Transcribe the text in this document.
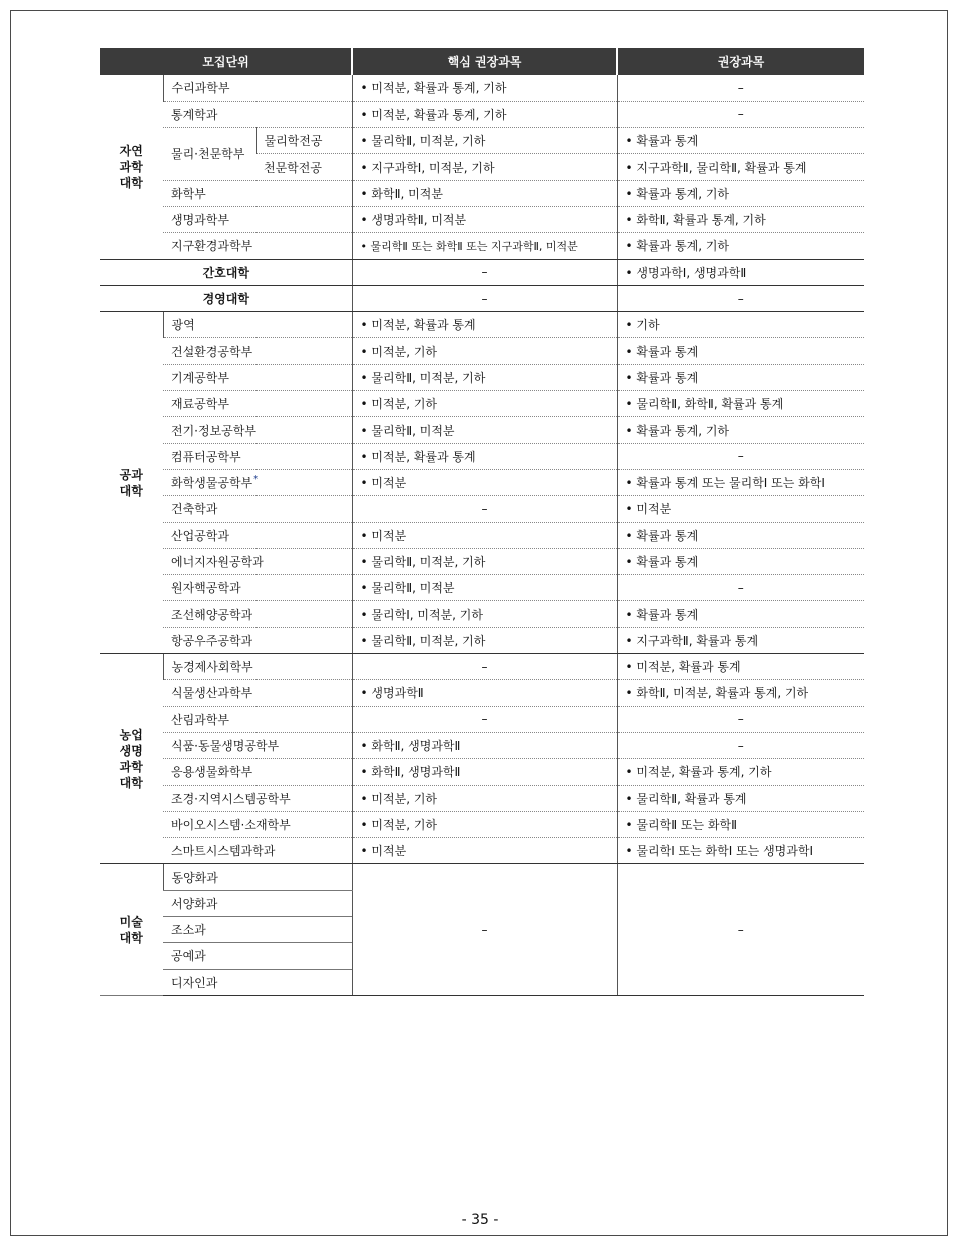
모집단위			핵심 권장과목	권장과목
자연
과학
대학	수리과학부		• 미적분, 확률과 통계, 기하	–
	통계학과		• 미적분, 확률과 통계, 기하	–
	물리·천문학부	물리학전공	• 물리학Ⅱ, 미적분, 기하	• 확률과 통계
		천문학전공	• 지구과학Ⅰ, 미적분, 기하	• 지구과학Ⅱ, 물리학Ⅱ, 확률과 통계
	화학부		• 화학Ⅱ, 미적분	• 확률과 통계, 기하
	생명과학부		• 생명과학Ⅱ, 미적분	• 화학Ⅱ, 확률과 통계, 기하
	지구환경과학부		• 물리학Ⅱ 또는 화학Ⅱ 또는 지구과학Ⅱ, 미적분	• 확률과 통계, 기하
간호대학			–	• 생명과학Ⅰ, 생명과학Ⅱ
경영대학			–	–
공과
대학	광역		• 미적분, 확률과 통계	• 기하
	건설환경공학부		• 미적분, 기하	• 확률과 통계
	기계공학부		• 물리학Ⅱ, 미적분, 기하	• 확률과 통계
	재료공학부		• 미적분, 기하	• 물리학Ⅱ, 화학Ⅱ, 확률과 통계
	전기·정보공학부		• 물리학Ⅱ, 미적분	• 확률과 통계, 기하
	컴퓨터공학부		• 미적분, 확률과 통계	–
	화학생물공학부*		• 미적분	• 확률과 통계 또는 물리학Ⅰ 또는 화학Ⅰ
	건축학과		–	• 미적분
	산업공학과		• 미적분	• 확률과 통계
	에너지자원공학과		• 물리학Ⅱ, 미적분, 기하	• 확률과 통계
	원자핵공학과		• 물리학Ⅱ, 미적분	–
	조선해양공학과		• 물리학Ⅰ, 미적분, 기하	• 확률과 통계
	항공우주공학과		• 물리학Ⅱ, 미적분, 기하	• 지구과학Ⅱ, 확률과 통계
농업
생명
과학
대학	농경제사회학부		–	• 미적분, 확률과 통계
	식물생산과학부		• 생명과학Ⅱ	• 화학Ⅱ, 미적분, 확률과 통계, 기하
	산림과학부		–	–
	식품·동물생명공학부		• 화학Ⅱ, 생명과학Ⅱ	–
	응용생물화학부		• 화학Ⅱ, 생명과학Ⅱ	• 미적분, 확률과 통계, 기하
	조경·지역시스템공학부		• 미적분, 기하	• 물리학Ⅱ, 확률과 통계
	바이오시스템·소재학부		• 미적분, 기하	• 물리학Ⅱ 또는 화학Ⅱ
	스마트시스템과학과		• 미적분	• 물리학Ⅰ 또는 화학Ⅰ 또는 생명과학Ⅰ
미술
대학	동양화과		–	–
	서양화과			
	조소과			
	공예과			
	디자인과			
- 35 -
